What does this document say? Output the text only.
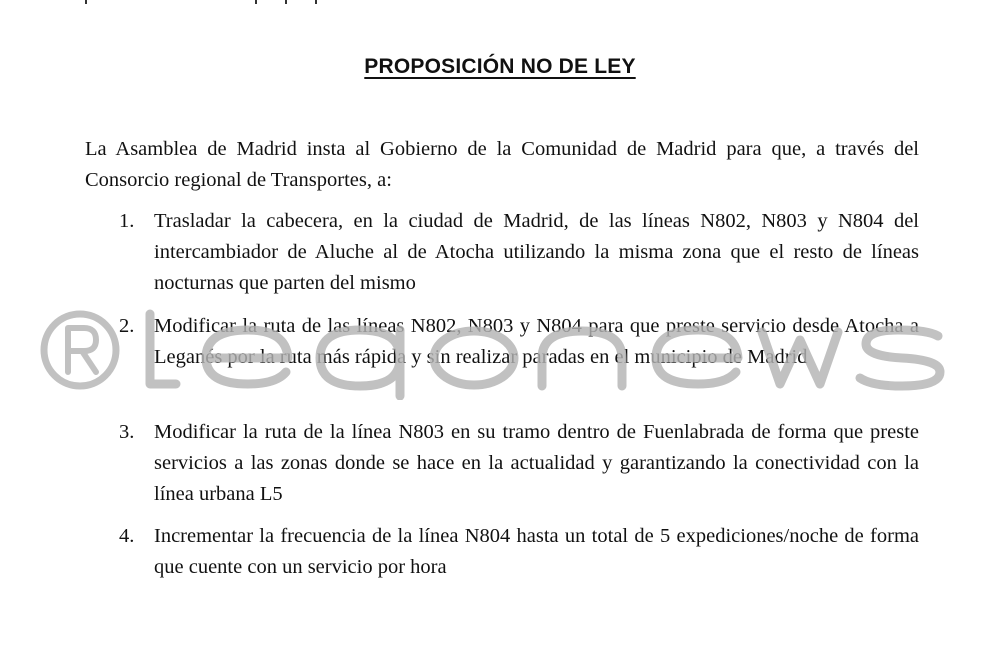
PROPOSICIÓN NO DE LEY

La Asamblea de Madrid insta al Gobierno de la Comunidad de Madrid para que, a través del Consorcio regional de Transportes, a:

1. Trasladar la cabecera, en la ciudad de Madrid, de las líneas N802, N803 y N804 del intercambiador de Aluche al de Atocha utilizando la misma zona que el resto de líneas nocturnas que parten del mismo
2. Modificar la ruta de las líneas N802, N803 y N804 para que preste servicio desde Atocha a Leganés por la ruta más rápida y sin realizar paradas en el municipio de Madrid
3. Modificar la ruta de la línea N803 en su tramo dentro de Fuenlabrada de forma que preste servicios a las zonas donde se hace en la actualidad y garantizando la conectividad con la línea urbana L5
4. Incrementar la frecuencia de la línea N804 hasta un total de 5 expediciones/noche de forma que cuente con un servicio por hora
